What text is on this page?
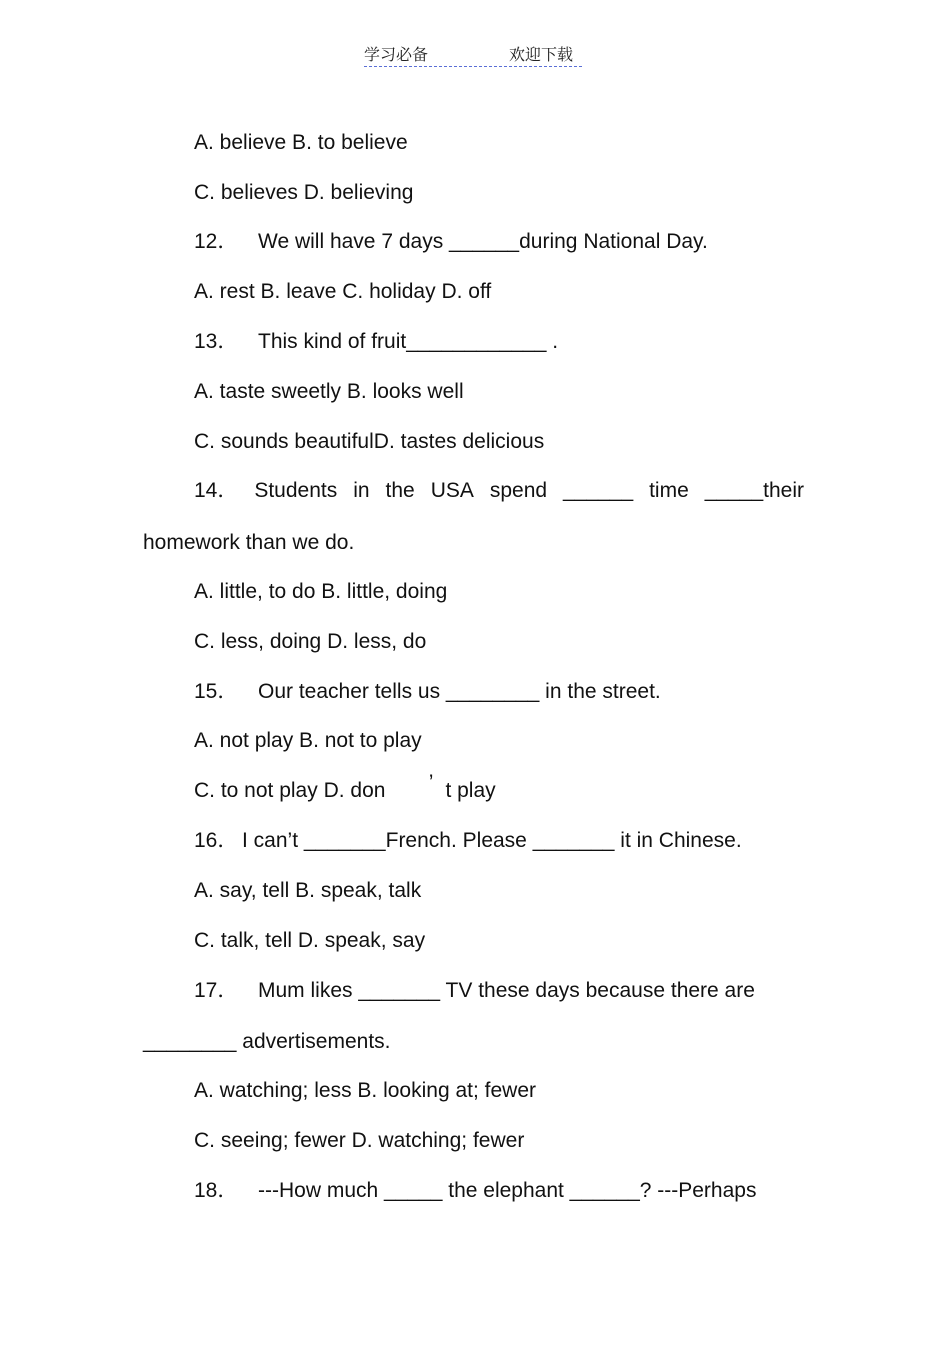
学习必备	欢迎下载
A. believe B. to believe
C. believes D. believing
12． We will have 7 days ______during National Day.
A. rest B. leave C. holiday D. off
13． This kind of fruit____________ .
A. taste sweetly B. looks well
C. sounds beautifulD. tastes delicious
14． Students in the USA spend ______ time _____their
homework than we do.
A. little, to do B. little, doing
C. less, doing D. less, do
15． Our teacher tells us ________ in the street.
A. not play B. not to play
C. to not play D. don ’ t play
16． I can’t _______French. Please _______ it in Chinese.
A. say, tell B. speak, talk
C. talk, tell D. speak, say
17． Mum likes _______ TV these days because there are
________ advertisements.
A. watching; less B. looking at; fewer
C. seeing; fewer D. watching; fewer
18． ---How much _____ the elephant ______? ---Perhaps
